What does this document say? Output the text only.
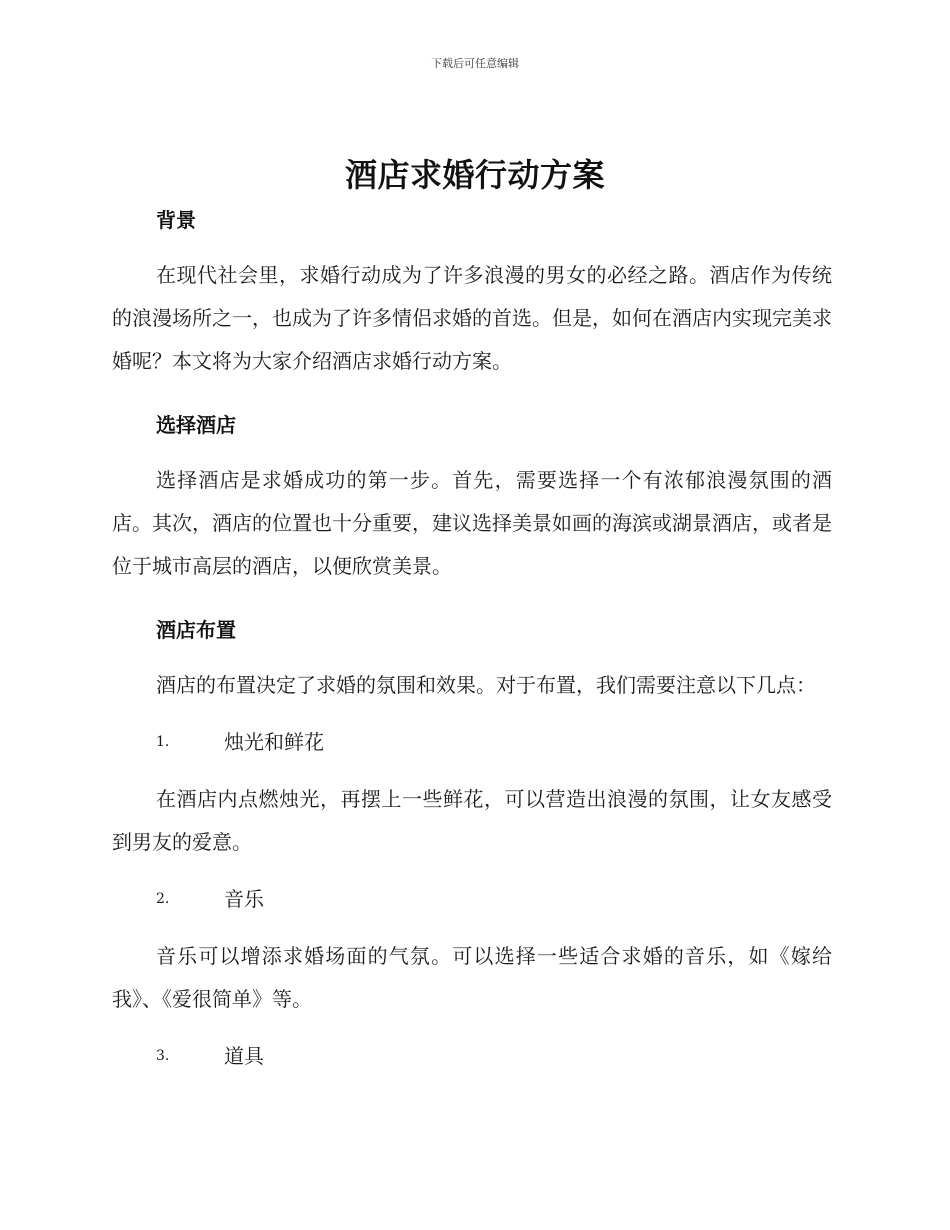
下载后可任意编辑
酒店求婚行动方案
背景

在现代社会里，求婚行动成为了许多浪漫的男女的必经之路。酒店作为传统的浪漫场所之一，也成为了许多情侣求婚的首选。但是，如何在酒店内实现完美求婚呢？本文将为大家介绍酒店求婚行动方案。

选择酒店

选择酒店是求婚成功的第一步。首先，需要选择一个有浓郁浪漫氛围的酒店。其次，酒店的位置也十分重要，建议选择美景如画的海滨或湖景酒店，或者是位于城市高层的酒店，以便欣赏美景。

酒店布置

酒店的布置决定了求婚的氛围和效果。对于布置，我们需要注意以下几点：

1.	烛光和鲜花

在酒店内点燃烛光，再摆上一些鲜花，可以营造出浪漫的氛围，让女友感受到男友的爱意。

2.	音乐

音乐可以增添求婚场面的气氛。可以选择一些适合求婚的音乐，如《嫁给我》、《爱很简单》等。

3.	道具
